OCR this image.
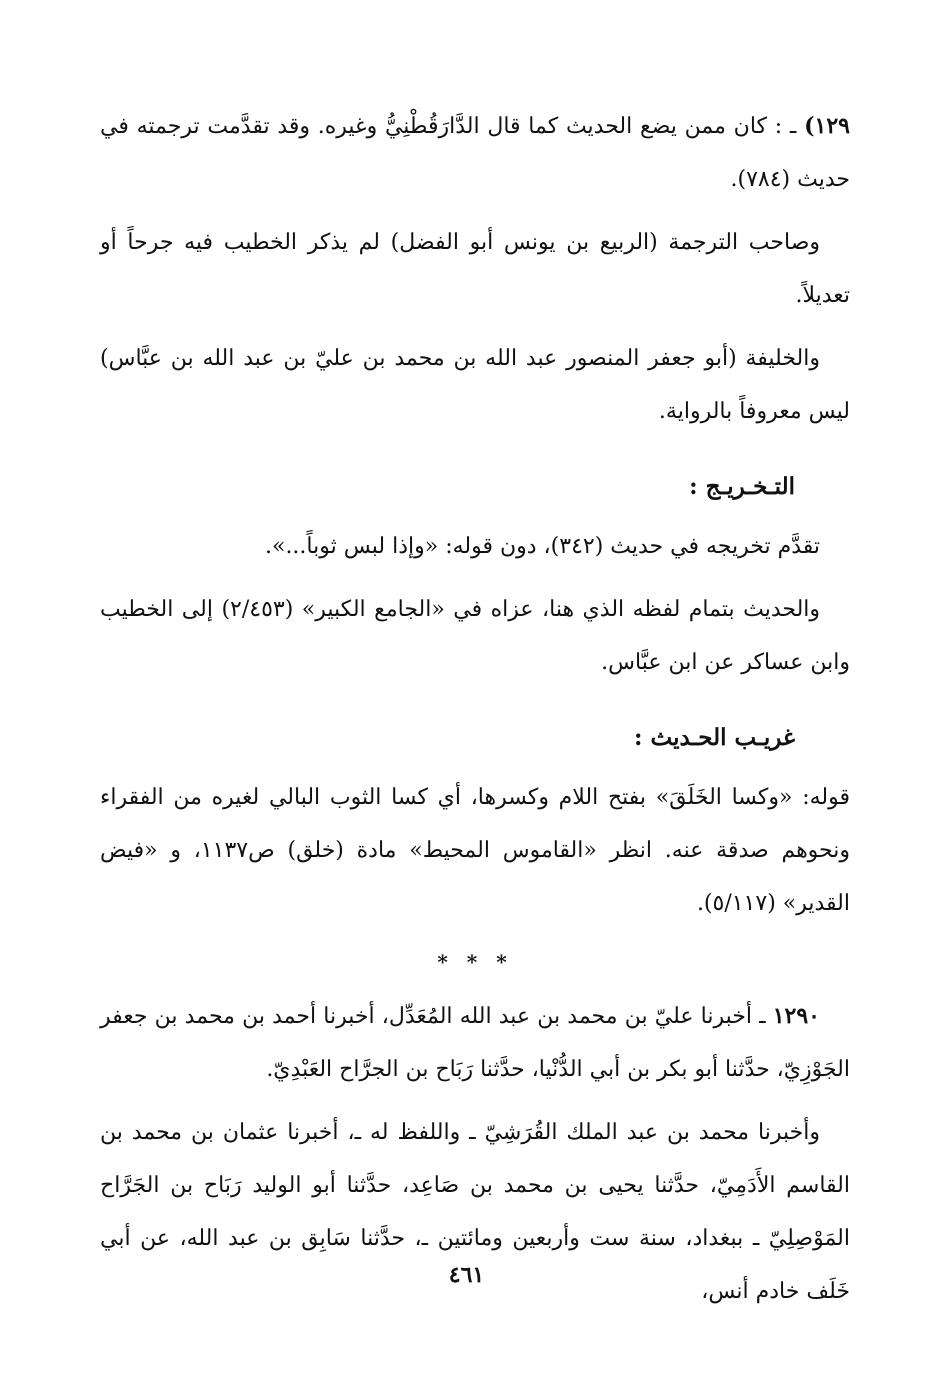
١٢٩) ـ : كان ممن يضع الحديث كما قال الدَّارَقُطْنِيُّ وغيره. وقد تقدَّمت ترجمته في حديث (٧٨٤).

وصاحب الترجمة (الربيع بن يونس أبو الفضل) لم يذكر الخطيب فيه جرحاً أو تعديلاً.

والخليفة (أبو جعفر المنصور عبد الله بن محمد بن عليّ بن عبد الله بن عبَّاس) ليس معروفاً بالرواية.

التـخـريـج :

تقدَّم تخريجه في حديث (٣٤٢)، دون قوله: «وإذا لبس ثوباً...».

والحديث بتمام لفظه الذي هنا، عزاه في «الجامع الكبير» (٢/٤٥٣) إلى الخطيب وابن عساكر عن ابن عبَّاس.

غريـب الحـديث :

قوله: «وكسا الخَلَقَ» بفتح اللام وكسرها، أي كسا الثوب البالي لغيره من الفقراء ونحوهم صدقة عنه. انظر «القاموس المحيط» مادة (خلق) ص١١٣٧، و «فيض القدير» (٥/١١٧).

* * *

١٢٩٠ ـ أخبرنا عليّ بن محمد بن عبد الله المُعَدِّل، أخبرنا أحمد بن محمد بن جعفر الجَوْزِيّ، حدَّثنا أبو بكر بن أبي الدُّنْيا، حدَّثنا رَبَاح بن الجرَّاح العَبْدِيّ.

وأخبرنا محمد بن عبد الملك القُرَشِيّ ـ واللفظ له ـ، أخبرنا عثمان بن محمد بن القاسم الأَدَمِيّ، حدَّثنا يحيى بن محمد بن صَاعِد، حدَّثنا أبو الوليد رَبَاح بن الجَرَّاح المَوْصِلِيّ ـ ببغداد، سنة ست وأربعين ومائتين ـ، حدَّثنا سَابِق بن عبد الله، عن أبي خَلَف خادم أنس،

٤٦١
